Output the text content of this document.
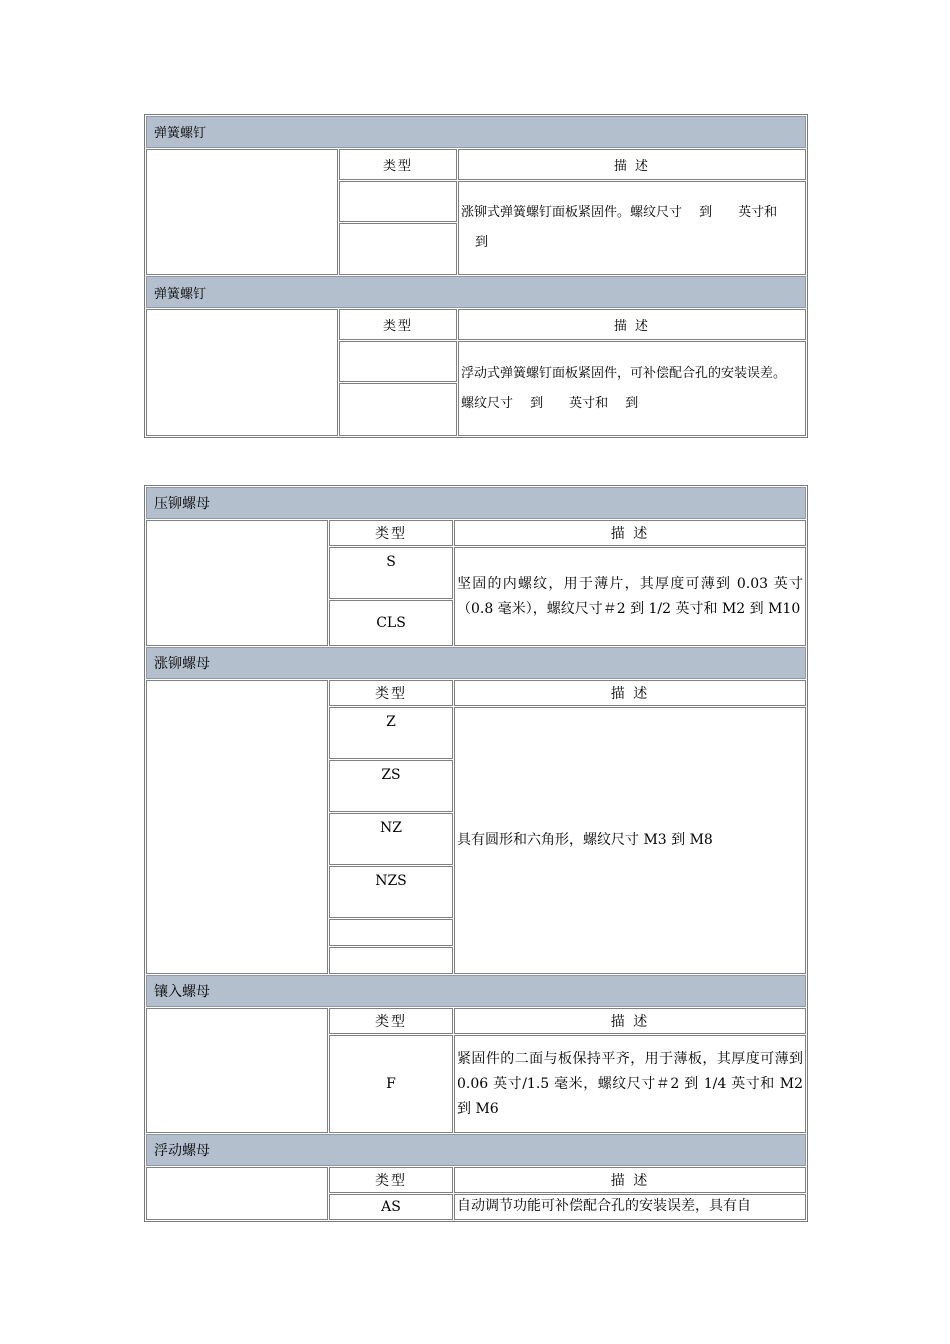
弹簧螺钉		
	类型	描 述

		涨铆式弹簧螺钉面板紧固件。螺纹尺寸　 到　　英寸和
到

弹簧螺钉		
	类型	描 述

		浮动式弹簧螺钉面板紧固件，可补偿配合孔的安装误差。
螺纹尺寸　 到　　英寸和　 到

压铆螺母		
	类型	描 述
	S	坚固的内螺纹，用于薄片，其厚度可薄到 0.03 英寸（0.8 毫米），螺纹尺寸＃2 到 1/2 英寸和 M2 到 M10
	CLS	
涨铆螺母		
	类型	描 述
	Z	具有圆形和六角形，螺纹尺寸 M3 到 M8
	ZS	
	NZ	
	NZS	

镶入螺母		
	类型	描 述
	F	紧固件的二面与板保持平齐，用于薄板，其厚度可薄到 0.06 英寸/1.5 毫米，螺纹尺寸＃2 到 1/4 英寸和 M2 到 M6
浮动螺母		
	类型	描 述
	AS	自动调节功能可补偿配合孔的安装误差，具有自
